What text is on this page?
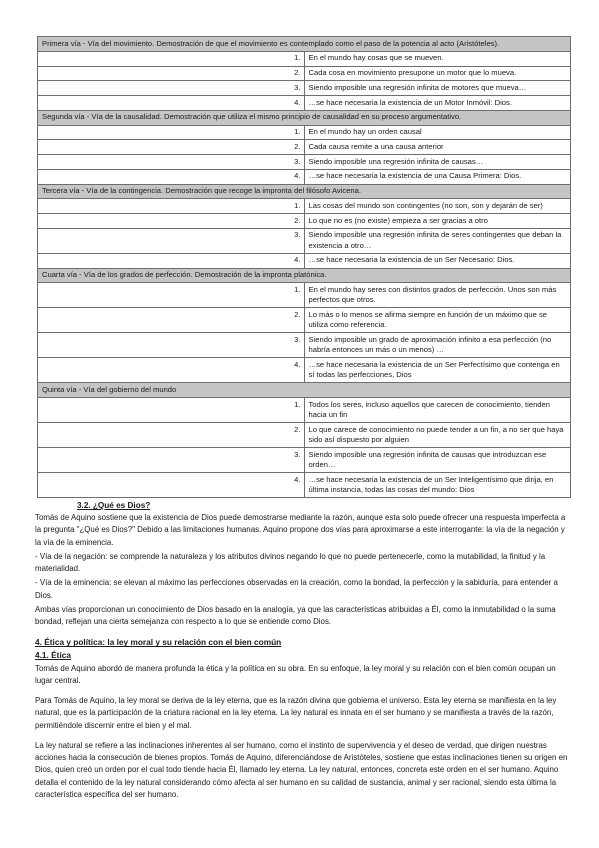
Primera vía - Vía del movimiento. Demostración de que el movimiento es contemplado como el paso de la potencia al acto (Aristóteles).	
1.	En el mundo hay cosas que se mueven.
2.	Cada cosa en movimiento presupone un motor que lo mueva.
3.	Siendo imposible una regresión infinita de motores que mueva…
4.	…se hace necesaria la existencia de un Motor Inmóvil: Dios.
Segunda vía - Vía de la causalidad. Demostración que utiliza el mismo principio de causalidad en su proceso argumentativo.	
1.	En el mundo hay un orden causal
2.	Cada causa remite a una causa anterior
3.	Siendo imposible una regresión infinita de causas…
4.	…se hace necesaria la existencia de una Causa Primera: Dios.
Tercera vía - Vía de la contingencia. Demostración que recoge la impronta del filósofo Avicena.	
1.	Las cosas del mundo son contingentes (no son, son y dejarán de ser)
2.	Lo que no es (no existe) empieza a ser gracias a otro
3.	Siendo imposible una regresión infinita de seres contingentes que deban la existencia a otro…
4.	…se hace necesaria la existencia de un Ser Necesario: Dios.
Cuarta vía - Vía de los grados de perfección. Demostración de la impronta platónica.	
1.	En el mundo hay seres con distintos grados de perfección. Unos son más perfectos que otros.
2.	Lo más o lo menos se afirma siempre en función de un máximo que se utiliza como referencia.
3.	Siendo imposible un grado de aproximación infinito a esa perfección (no habría entonces un más o un menos) …
4.	…se hace necesaria la existencia de un Ser Perfectísimo que contenga en sí todas las perfecciones, Dios
Quinta vía - Vía del gobierno del mundo	
1.	Todos los seres, incluso aquellos que carecen de conocimiento, tienden hacia un fin
2.	Lo que carece de conocimiento no puede tender a un fin, a no ser que haya sido así dispuesto por alguien
3.	Siendo imposible una regresión infinita de causas que introduzcan ese orden…
4.	…se hace necesaria la existencia de un Ser Inteligentísimo que dirija, en última instancia, todas las cosas del mundo: Dios
3.2. ¿Qué es Dios?

Tomás de Aquino sostiene que la existencia de Dios puede demostrarse mediante la razón, aunque esta solo puede ofrecer una respuesta imperfecta a la pregunta "¿Qué es Dios?" Debido a las limitaciones humanas. Aquino propone dos vías para aproximarse a este interrogante: la vía de la negación y la vía de la eminencia.

- Vía de la negación: se comprende la naturaleza y los atributos divinos negando lo que no puede pertenecerle, como la mutabilidad, la finitud y la materialidad.

- Vía de la eminencia: se elevan al máximo las perfecciones observadas en la creación, como la bondad, la perfección y la sabiduría, para entender a Dios.

Ambas vías proporcionan un conocimiento de Dios basado en la analogía, ya que las características atribuidas a Él, como la inmutabilidad o la suma bondad, reflejan una cierta semejanza con respecto a lo que se entiende como Dios.

4. Ética y política: la ley moral y su relación con el bien común
4.1. Ética

Tomás de Aquino abordó de manera profunda la ética y la política en su obra. En su enfoque, la ley moral y su relación con el bien común ocupan un lugar central.

Para Tomás de Aquino, la ley moral se deriva de la ley eterna, que es la razón divina que gobierna el universo. Esta ley eterna se manifiesta en la ley natural, que es la participación de la criatura racional en la ley eterna. La ley natural es innata en el ser humano y se manifiesta a través de la razón, permitiéndole discernir entre el bien y el mal.

La ley natural se refiere a las inclinaciones inherentes al ser humano, como el instinto de supervivencia y el deseo de verdad, que dirigen nuestras acciones hacia la consecución de bienes propios. Tomás de Aquino, diferenciándose de Aristóteles, sostiene que estas inclinaciones tienen su origen en Dios, quien creó un orden por el cual todo tiende hacia Él, llamado ley eterna. La ley natural, entonces, concreta este orden en el ser humano. Aquino detalla el contenido de la ley natural considerando cómo afecta al ser humano en su calidad de sustancia, animal y ser racional, siendo esta última la característica específica del ser humano.
